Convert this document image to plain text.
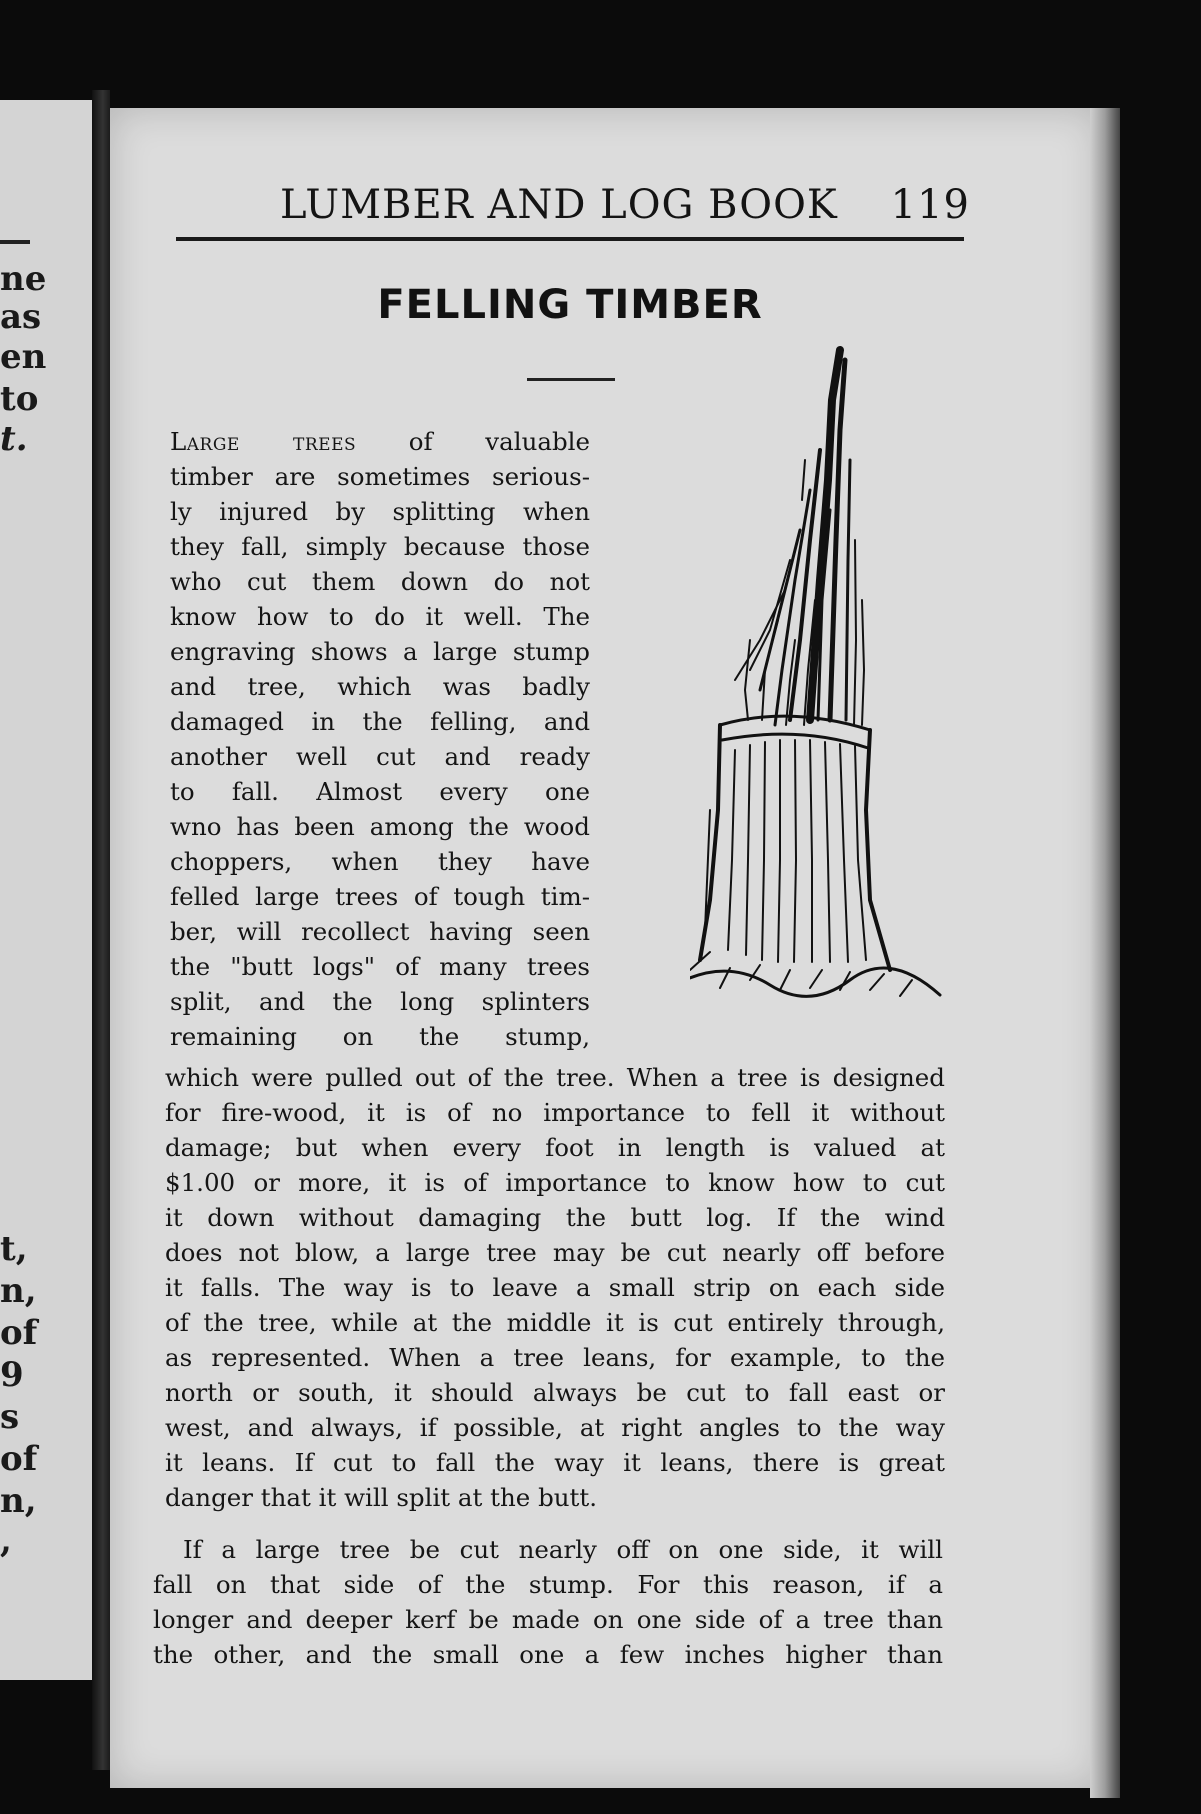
ne
as
en
to
t.
t,
n,
of
9
s
of
n,
,
LUMBER AND LOG BOOK 119
FELLING TIMBER
Large trees of valuable
timber are sometimes serious-
ly injured by splitting when
they fall, simply because those
who cut them down do not
know how to do it well. The
engraving shows a large stump
and tree, which was badly
damaged in the felling, and
another well cut and ready
to fall. Almost every one
wno has been among the wood
choppers, when they have
felled large trees of tough tim-
ber, will recollect having seen
the "butt logs" of many trees
split, and the long splinters
remaining on the stump,
which were pulled out of the tree. When a tree is designed
for fire-wood, it is of no importance to fell it without
damage; but when every foot in length is valued at
$1.00 or more, it is of importance to know how to cut
it down without damaging the butt log. If the wind
does not blow, a large tree may be cut nearly off before
it falls. The way is to leave a small strip on each side
of the tree, while at the middle it is cut entirely through,
as represented. When a tree leans, for example, to the
north or south, it should always be cut to fall east or
west, and always, if possible, at right angles to the way
it leans. If cut to fall the way it leans, there is great
danger that it will split at the butt.
If a large tree be cut nearly off on one side, it will
fall on that side of the stump. For this reason, if a
longer and deeper kerf be made on one side of a tree than
the other, and the small one a few inches higher than
